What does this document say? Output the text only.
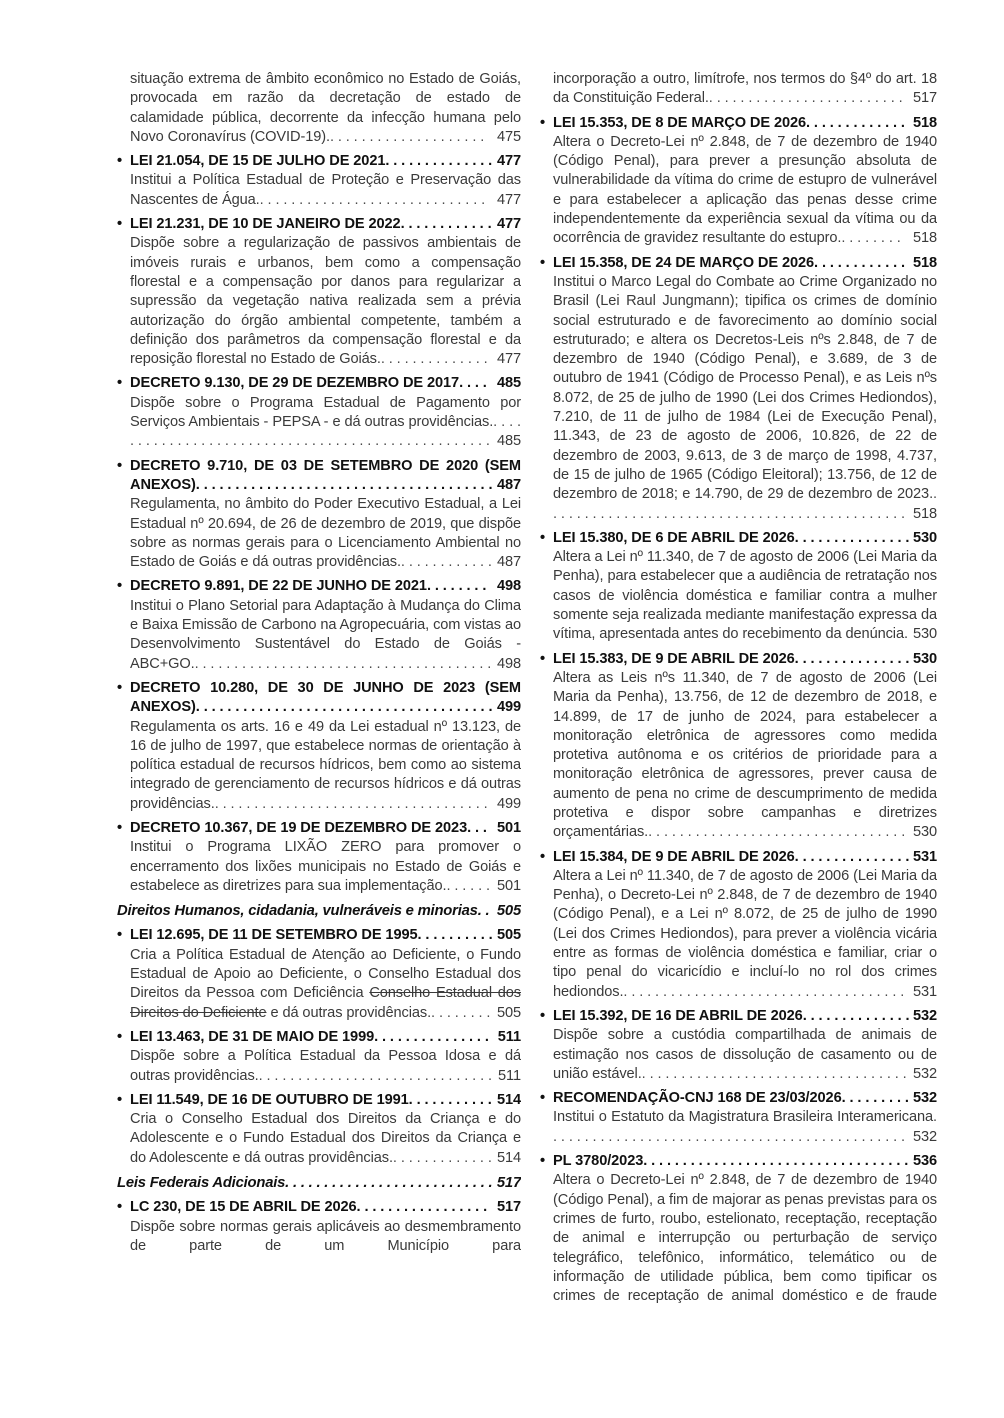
situação extrema de âmbito econômico no Estado de Goiás, provocada em razão da decretação de estado de calamidade pública, decorrente da infecção humana pelo Novo Coronavírus (COVID-19).. . . . . . . . . . . . . . . . . . . . 475
• LEI 21.054, DE 15 DE JULHO DE 2021. . . . . . . . . . . . . . 477
Institui a Política Estadual de Proteção e Preservação das Nascentes de Água.. . . . . . . . . . . . . . . . . . . . . . . . . . . . . 477
• LEI 21.231, DE 10 DE JANEIRO DE 2022. . . . . . . . . . . . 477
Dispõe sobre a regularização de passivos ambientais de imóveis rurais e urbanos, bem como a compensação florestal e a compensação por danos para regularizar a supressão da vegetação nativa realizada sem a prévia autorização do órgão ambiental competente, também a definição dos parâmetros da compensação florestal e da reposição florestal no Estado de Goiás.. . . . . . . . . . . . . . 477
• DECRETO 9.130, DE 29 DE DEZEMBRO DE 2017. . . . 485
Dispõe sobre o Programa Estadual de Pagamento por Serviços Ambientais - PEPSA - e dá outras providências.. . . . . . . . . . . . . . . . . . . . . . . . . . . . . . . . . . . . . . . . . . . . . . . . . . 485
• DECRETO 9.710, DE 03 DE SETEMBRO DE 2020 (SEM ANEXOS). . . . . . . . . . . . . . . . . . . . . . . . . . . . . . . . . . . . . . 487
Regulamenta, no âmbito do Poder Executivo Estadual, a Lei Estadual nº 20.694, de 26 de dezembro de 2019, que dispõe sobre as normas gerais para o Licenciamento Ambiental no Estado de Goiás e dá outras providências.. . . . . . . . . . . . 487
• DECRETO 9.891, DE 22 DE JUNHO DE 2021. . . . . . . . 498
Institui o Plano Setorial para Adaptação à Mudança do Clima e Baixa Emissão de Carbono na Agropecuária, com vistas ao Desenvolvimento Sustentável do Estado de Goiás - ABC+GO.. . . . . . . . . . . . . . . . . . . . . . . . . . . . . . . . . . . . . . 498
• DECRETO 10.280, DE 30 DE JUNHO DE 2023 (SEM ANEXOS). . . . . . . . . . . . . . . . . . . . . . . . . . . . . . . . . . . . . . 499
Regulamenta os arts. 16 e 49 da Lei estadual nº 13.123, de 16 de julho de 1997, que estabelece normas de orientação à política estadual de recursos hídricos, bem como ao sistema integrado de gerenciamento de recursos hídricos e dá outras providências.. . . . . . . . . . . . . . . . . . . . . . . . . . . . . . . . . . . 499
• DECRETO 10.367, DE 19 DE DEZEMBRO DE 2023. . . 501
Institui o Programa LIXÃO ZERO para promover o encerramento dos lixões municipais no Estado de Goiás e estabelece as diretrizes para sua implementação.. . . . . . 501
Direitos Humanos, cidadania, vulneráveis e minorias. . 505
• LEI 12.695, DE 11 DE SETEMBRO DE 1995. . . . . . . . . . 505
Cria a Política Estadual de Atenção ao Deficiente, o Fundo Estadual de Apoio ao Deficiente, o Conselho Estadual dos Direitos da Pessoa com Deficiência Conselho Estadual dos Direitos do Deficiente e dá outras providências.. . . . . . . . 505
• LEI 13.463, DE 31 DE MAIO DE 1999. . . . . . . . . . . . . . . 511
Dispõe sobre a Política Estadual da Pessoa Idosa e dá outras providências.. . . . . . . . . . . . . . . . . . . . . . . . . . . . . . 511
• LEI 11.549, DE 16 DE OUTUBRO DE 1991. . . . . . . . . . . 514
Cria o Conselho Estadual dos Direitos da Criança e do Adolescente e o Fundo Estadual dos Direitos da Criança e do Adolescente e dá outras providências.. . . . . . . . . . . . . 514
Leis Federais Adicionais. . . . . . . . . . . . . . . . . . . . . . . . . . . 517
• LC 230, DE 15 DE ABRIL DE 2026. . . . . . . . . . . . . . . . . 517
Dispõe sobre normas gerais aplicáveis ao desmembramento de parte de um Município para
incorporação a outro, limítrofe, nos termos do §4º do art. 18 da Constituição Federal.. . . . . . . . . . . . . . . . . . . . . . . . . 517
• LEI 15.353, DE 8 DE MARÇO DE 2026. . . . . . . . . . . . . 518
Altera o Decreto-Lei nº 2.848, de 7 de dezembro de 1940 (Código Penal), para prever a presunção absoluta de vulnerabilidade da vítima do crime de estupro de vulnerável e para estabelecer a aplicação das penas desse crime independentemente da experiência sexual da vítima ou da ocorrência de gravidez resultante do estupro.. . . . . . . . 518
• LEI 15.358, DE 24 DE MARÇO DE 2026. . . . . . . . . . . . 518
Institui o Marco Legal do Combate ao Crime Organizado no Brasil (Lei Raul Jungmann); tipifica os crimes de domínio social estruturado e de favorecimento ao domínio social estruturado; e altera os Decretos-Leis nºs 2.848, de 7 de dezembro de 1940 (Código Penal), e 3.689, de 3 de outubro de 1941 (Código de Processo Penal), e as Leis nºs 8.072, de 25 de julho de 1990 (Lei dos Crimes Hediondos), 7.210, de 11 de julho de 1984 (Lei de Execução Penal), 11.343, de 23 de agosto de 2006, 10.826, de 22 de dezembro de 2003, 9.613, de 3 de março de 1998, 4.737, de 15 de julho de 1965 (Código Eleitoral); 13.756, de 12 de dezembro de 2018; e 14.790, de 29 de dezembro de 2023.. . . . . . . . . . . . . . . . . . . . . . . . . . . . . . . . . . . . . . . . . . . . . . 518
• LEI 15.380, DE 6 DE ABRIL DE 2026. . . . . . . . . . . . . . . 530
Altera a Lei nº 11.340, de 7 de agosto de 2006 (Lei Maria da Penha), para estabelecer que a audiência de retratação nos casos de violência doméstica e familiar contra a mulher somente seja realizada mediante manifestação expressa da vítima, apresentada antes do recebimento da denúncia. 530
• LEI 15.383, DE 9 DE ABRIL DE 2026. . . . . . . . . . . . . . . 530
Altera as Leis nºs 11.340, de 7 de agosto de 2006 (Lei Maria da Penha), 13.756, de 12 de dezembro de 2018, e 14.899, de 17 de junho de 2024, para estabelecer a monitoração eletrônica de agressores como medida protetiva autônoma e os critérios de prioridade para a monitoração eletrônica de agressores, prever causa de aumento de pena no crime de descumprimento de medida protetiva e dispor sobre campanhas e diretrizes orçamentárias.. . . . . . . . . . . . . . . . . . . . . . . . . . . . . . . . . 530
• LEI 15.384, DE 9 DE ABRIL DE 2026. . . . . . . . . . . . . . . 531
Altera a Lei nº 11.340, de 7 de agosto de 2006 (Lei Maria da Penha), o Decreto-Lei nº 2.848, de 7 de dezembro de 1940 (Código Penal), e a Lei nº 8.072, de 25 de julho de 1990 (Lei dos Crimes Hediondos), para prever a violência vicária entre as formas de violência doméstica e familiar, criar o tipo penal do vicaricídio e incluí-lo no rol dos crimes hediondos.. . . . . . . . . . . . . . . . . . . . . . . . . . . . . . . . . . . . 531
• LEI 15.392, DE 16 DE ABRIL DE 2026. . . . . . . . . . . . . . 532
Dispõe sobre a custódia compartilhada de animais de estimação nos casos de dissolução de casamento ou de união estável.. . . . . . . . . . . . . . . . . . . . . . . . . . . . . . . . . . 532
• RECOMENDAÇÃO-CNJ 168 DE 23/03/2026. . . . . . . . . 532
Institui o Estatuto da Magistratura Brasileira Interamericana. . . . . . . . . . . . . . . . . . . . . . . . . . . . . . . . . . . . . . . . . . . . . . 532
• PL 3780/2023. . . . . . . . . . . . . . . . . . . . . . . . . . . . . . . . . . 536
Altera o Decreto-Lei nº 2.848, de 7 de dezembro de 1940 (Código Penal), a fim de majorar as penas previstas para os crimes de furto, roubo, estelionato, receptação, receptação de animal e interrupção ou perturbação de serviço telegráfico, telefônico, informático, telemático ou de informação de utilidade pública, bem como tipificar os crimes de receptação de animal doméstico e de fraude
